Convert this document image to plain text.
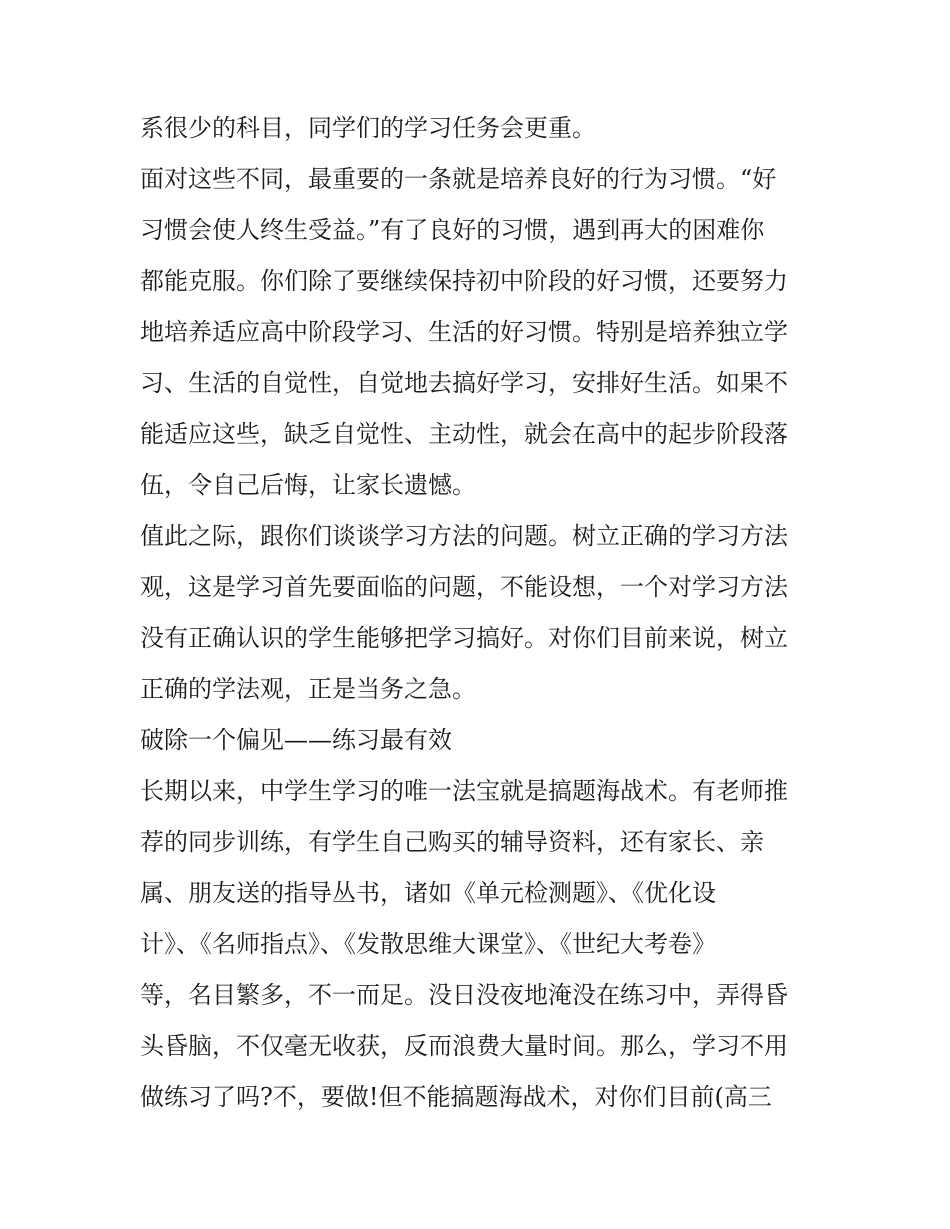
系很少的科目，同学们的学习任务会更重。
面对这些不同，最重要的一条就是培养良好的行为习惯。“好
习惯会使人终生受益。”有了良好的习惯，遇到再大的困难你
都能克服。你们除了要继续保持初中阶段的好习惯，还要努力
地培养适应高中阶段学习、生活的好习惯。特别是培养独立学
习、生活的自觉性，自觉地去搞好学习，安排好生活。如果不
能适应这些，缺乏自觉性、主动性，就会在高中的起步阶段落
伍，令自己后悔，让家长遗憾。
值此之际，跟你们谈谈学习方法的问题。树立正确的学习方法
观，这是学习首先要面临的问题，不能设想，一个对学习方法
没有正确认识的学生能够把学习搞好。对你们目前来说，树立
正确的学法观，正是当务之急。
破除一个偏见——练习最有效
长期以来，中学生学习的唯一法宝就是搞题海战术。有老师推
荐的同步训练，有学生自己购买的辅导资料，还有家长、亲
属、朋友送的指导丛书，诸如《单元检测题》、《优化设
计》、《名师指点》、《发散思维大课堂》、《世纪大考卷》
等，名目繁多，不一而足。没日没夜地淹没在练习中，弄得昏
头昏脑，不仅毫无收获，反而浪费大量时间。那么，学习不用
做练习了吗?不，要做!但不能搞题海战术，对你们目前(高三
